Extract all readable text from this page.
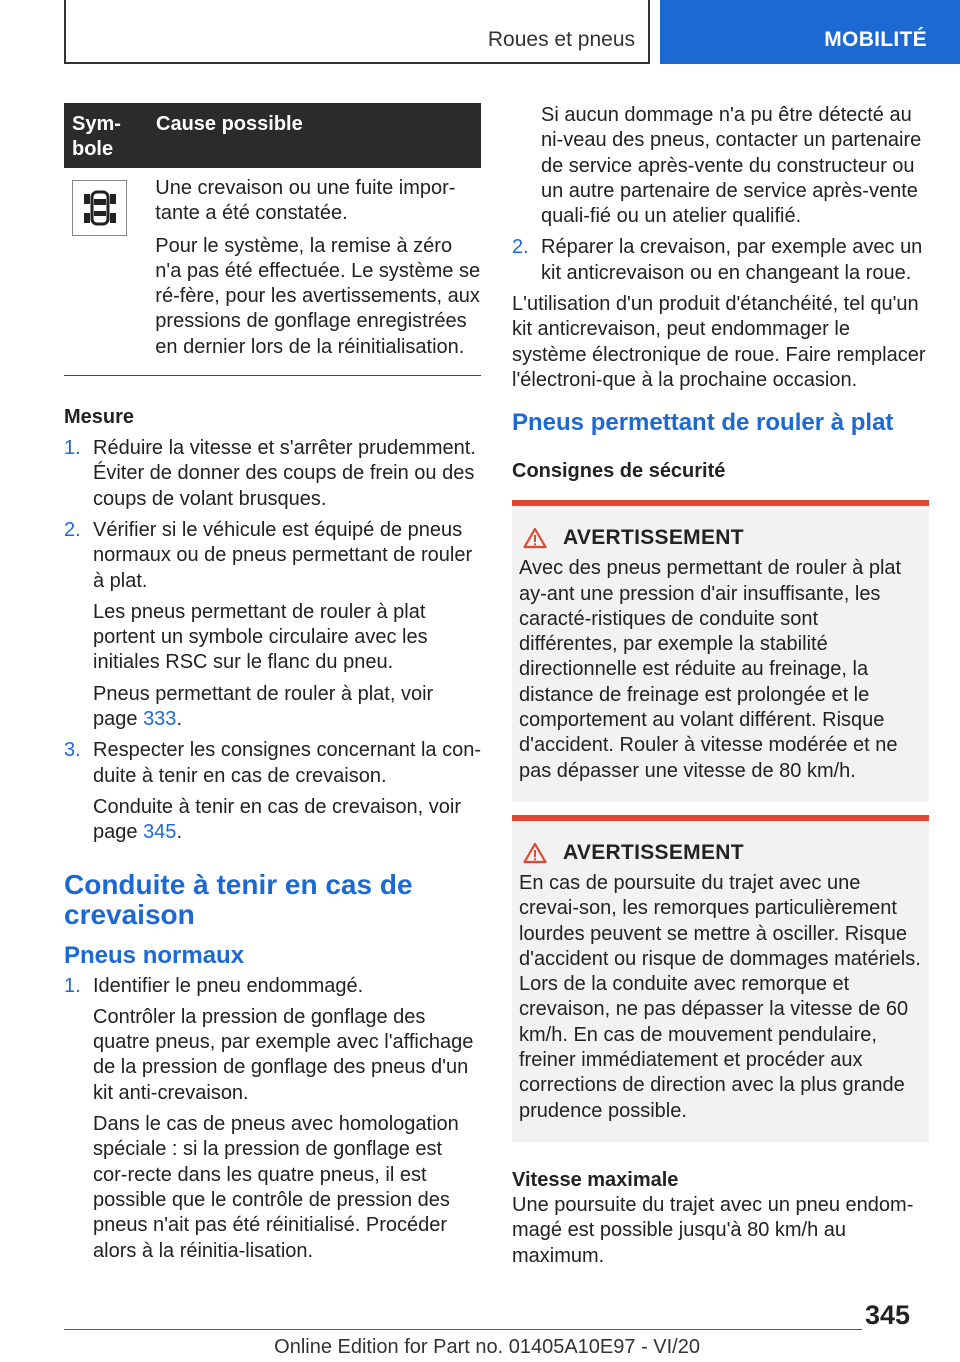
Roues et pneus	MOBILITÉ
Sym-
bole
Cause possible

Une crevaison ou une fuite impor-tante a été constatée.

Pour le système, la remise à zéro n'a pas été effectuée. Le système se ré-fère, pour les avertissements, aux pressions de gonflage enregistrées en dernier lors de la réinitialisation.

Mesure

1. Réduire la vitesse et s'arrêter prudemment. Éviter de donner des coups de frein ou des coups de volant brusques.

2. Vérifier si le véhicule est équipé de pneus normaux ou de pneus permettant de rouler à plat.

Les pneus permettant de rouler à plat portent un symbole circulaire avec les initiales RSC sur le flanc du pneu.

Pneus permettant de rouler à plat, voir page 333.

3. Respecter les consignes concernant la con-duite à tenir en cas de crevaison.

Conduite à tenir en cas de crevaison, voir page 345.

Conduite à tenir en cas de
crevaison
Pneus normaux
1. Identifier le pneu endommagé.

Contrôler la pression de gonflage des quatre pneus, par exemple avec l'affichage de la pression de gonflage des pneus d'un kit anti-crevaison.

Dans le cas de pneus avec homologation spéciale : si la pression de gonflage est cor-recte dans les quatre pneus, il est possible que le contrôle de pression des pneus n'ait pas été réinitialisé. Procéder alors à la réinitia-lisation.

Si aucun dommage n'a pu être détecté au ni-veau des pneus, contacter un partenaire de service après-vente du constructeur ou un autre partenaire de service après-vente quali-fié ou un atelier qualifié.

2. Réparer la crevaison, par exemple avec un kit anticrevaison ou en changeant la roue.

L'utilisation d'un produit d'étanchéité, tel qu'un kit anticrevaison, peut endommager le système électronique de roue. Faire remplacer l'électroni-que à la prochaine occasion.

Pneus permettant de rouler à plat

Consignes de sécurité

AVERTISSEMENT

Avec des pneus permettant de rouler à plat ay-ant une pression d'air insuffisante, les caracté-ristiques de conduite sont différentes, par exemple la stabilité directionnelle est réduite au freinage, la distance de freinage est prolongée et le comportement au volant différent. Risque d'accident. Rouler à vitesse modérée et ne pas dépasser une vitesse de 80 km/h.

AVERTISSEMENT

En cas de poursuite du trajet avec une crevai-son, les remorques particulièrement lourdes peuvent se mettre à osciller. Risque d'accident ou risque de dommages matériels. Lors de la conduite avec remorque et crevaison, ne pas dépasser la vitesse de 60 km/h. En cas de mouvement pendulaire, freiner immédiatement et procéder aux corrections de direction avec la plus grande prudence possible.

Vitesse maximale

Une poursuite du trajet avec un pneu endom-magé est possible jusqu'à 80 km/h au maximum.

345
Online Edition for Part no. 01405A10E97 - VI/20
